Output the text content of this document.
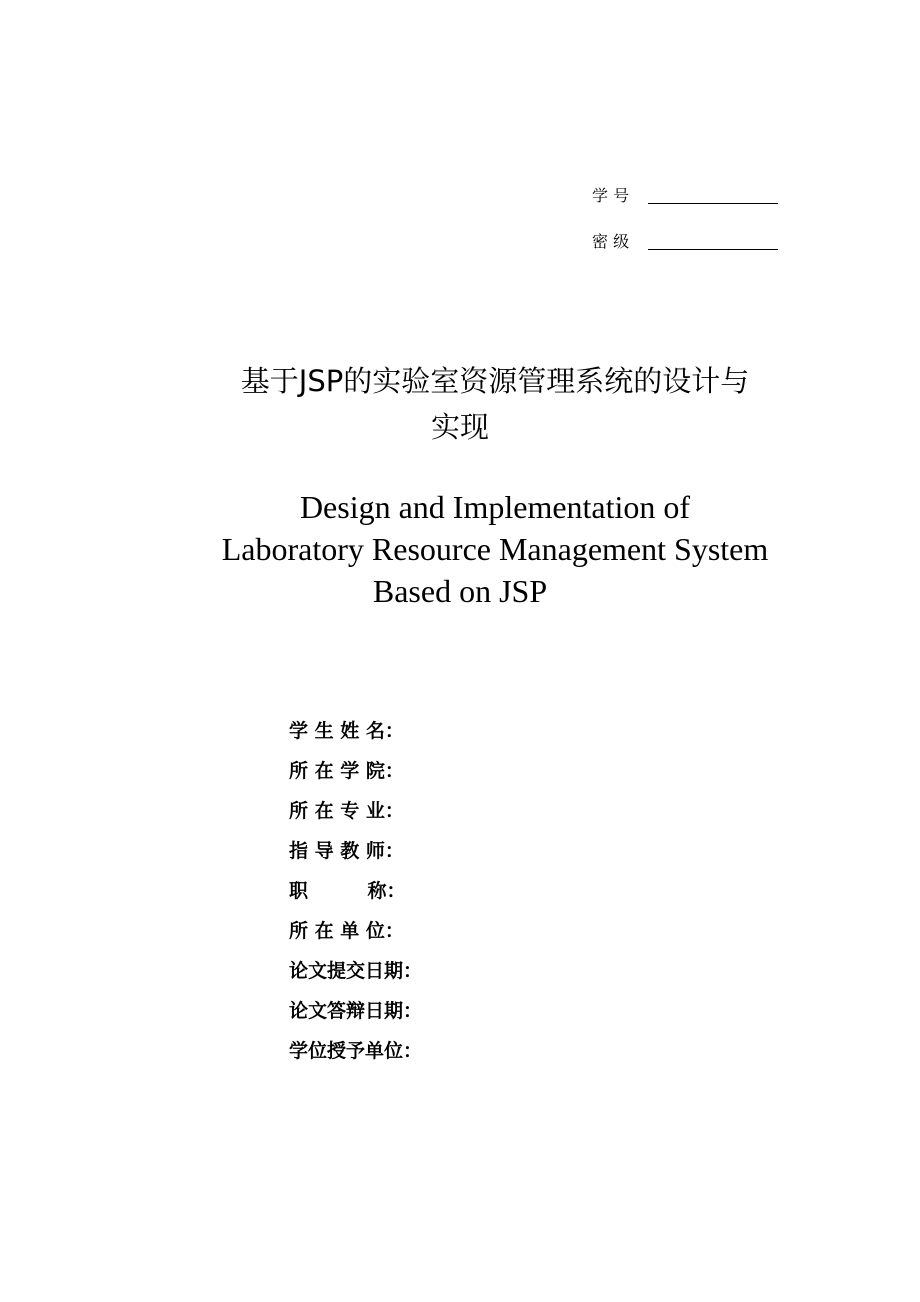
学 号
密 级
基于JSP的实验室资源管理系统的设计与
实现
Design and Implementation of
Laboratory Resource Management System
Based on JSP
学 生 姓 名：
所 在 学 院：
所 在 专 业：
指 导 教 师：
职         称：
所 在 单 位：
论文提交日期：
论文答辩日期：
学位授予单位：
